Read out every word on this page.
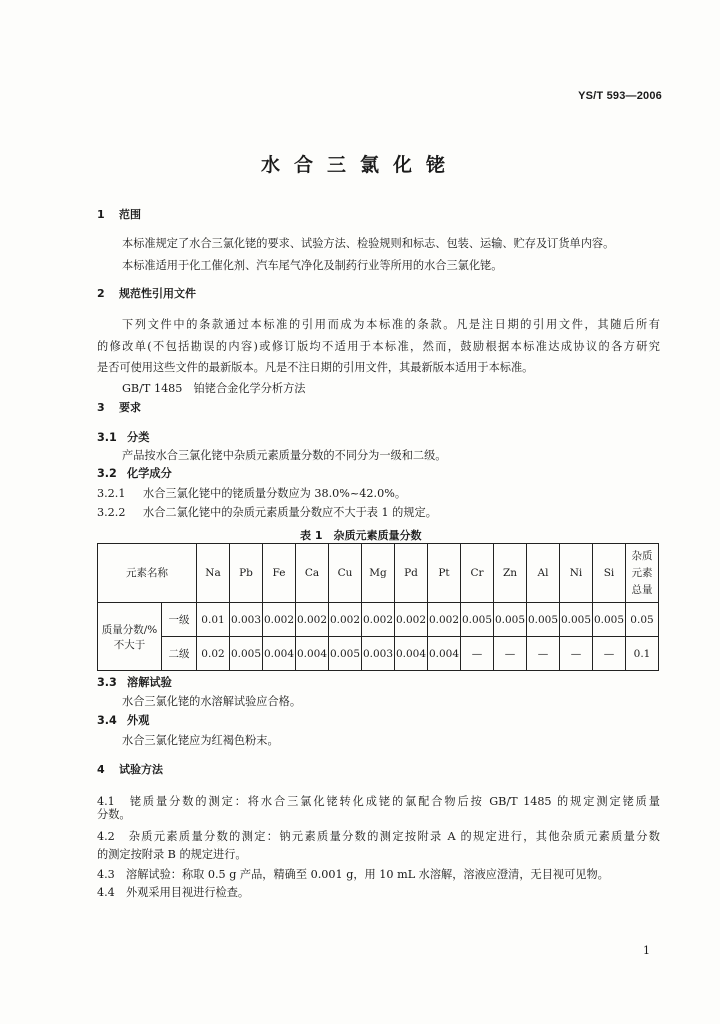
YS/T 593—2006
水合三氯化铑
1 范围
本标准规定了水合三氯化铑的要求、试验方法、检验规则和标志、包装、运输、贮存及订货单内容。
本标准适用于化工催化剂、汽车尾气净化及制药行业等所用的水合三氯化铑。
2 规范性引用文件
下列文件中的条款通过本标准的引用而成为本标准的条款。凡是注日期的引用文件，其随后所有
的修改单(不包括勘误的内容)或修订版均不适用于本标准，然而，鼓励根据本标准达成协议的各方研究
是否可使用这些文件的最新版本。凡是不注日期的引用文件，其最新版本适用于本标准。
GB/T 1485　铂铑合金化学分析方法
3 要求
3.1 分类
产品按水合三氯化铑中杂质元素质量分数的不同分为一级和二级。
3.2 化学成分
3.2.1 水合三氯化铑中的铑质量分数应为 38.0%~42.0%。
3.2.2 水合二氯化铑中的杂质元素质量分数应不大于表 1 的规定。
表 1　杂质元素质量分数
元素名称		Na	Pb	Fe	Ca	Cu	Mg	Pd	Pt	Cr	Zn	Al	Ni	Si	杂质
元素
总量

质量分数/%
不大于	一级	0.01	0.003	0.002	0.002	0.002	0.002	0.002	0.002	0.005	0.005	0.005	0.005	0.005	0.05
	二级	0.02	0.005	0.004	0.004	0.005	0.003	0.004	0.004	—	—	—	—	—	0.1
3.3 溶解试验
水合三氯化铑的水溶解试验应合格。
3.4 外观
水合三氯化铑应为红褐色粉末。
4 试验方法
4.1　 铑质量分数的测定：将水合三氯化铑转化成铑的氯配合物后按 GB/T 1485 的规定测定铑质量
分数。
4.2　 杂质元素质量分数的测定：钠元素质量分数的测定按附录 A 的规定进行，其他杂质元素质量分数
的测定按附录 B 的规定进行。
4.3　 溶解试验：称取 0.5 g 产品，精确至 0.001 g，用 10 mL 水溶解，溶液应澄清，无目视可见物。
4.4　 外观采用目视进行检查。
1
